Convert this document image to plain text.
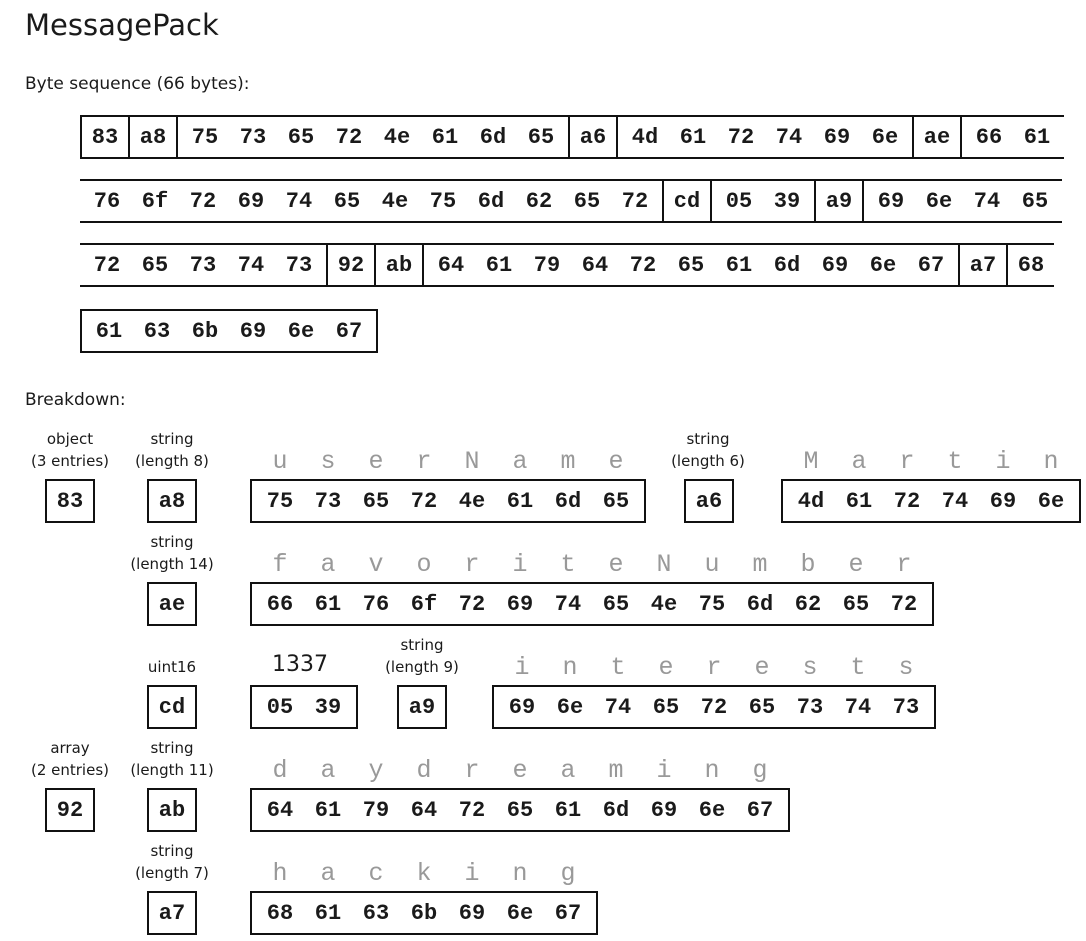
MessagePack
Byte sequence (66 bytes):
83 a8	75 73 65 72 4e 61 6d 65	a6	4d 61 72 74 69 6e	ae	66 61
76 6f 72 69 74 65 4e 75 6d 62 65 72	cd	05 39	a9	69 6e 74 65
72 65 73 74 73	92 ab	64 61 79 64 72 65 61 6d 69 6e 67	a7 68
61 63 6b 69 6e 67
Breakdown:
object
(3 entries)
83
string
(length 8)
a8
u	s	e	r	N	a	m	e
75 73 65 72 4e 61 6d 65
string
(length 6)
a6
M	a	r	t	i	n
4d 61 72 74 69 6e
string
(length 14)
ae
f	a	v	o	r	i	t	e	N	u	m	b	e	r
66 61 76 6f 72 69 74 65 4e 75 6d 62 65 72
uint16
cd
1337
05 39
string
(length 9)
a9
i	n	t	e	r	e	s	t	s
69 6e 74 65 72 65 73 74 73
array
(2 entries)
92
string
(length 11)
ab
d	a	y	d	r	e	a	m	i	n	g
64 61 79 64 72 65 61 6d 69 6e 67
string
(length 7)
a7
h	a	c	k	i	n	g
68 61 63 6b 69 6e 67
